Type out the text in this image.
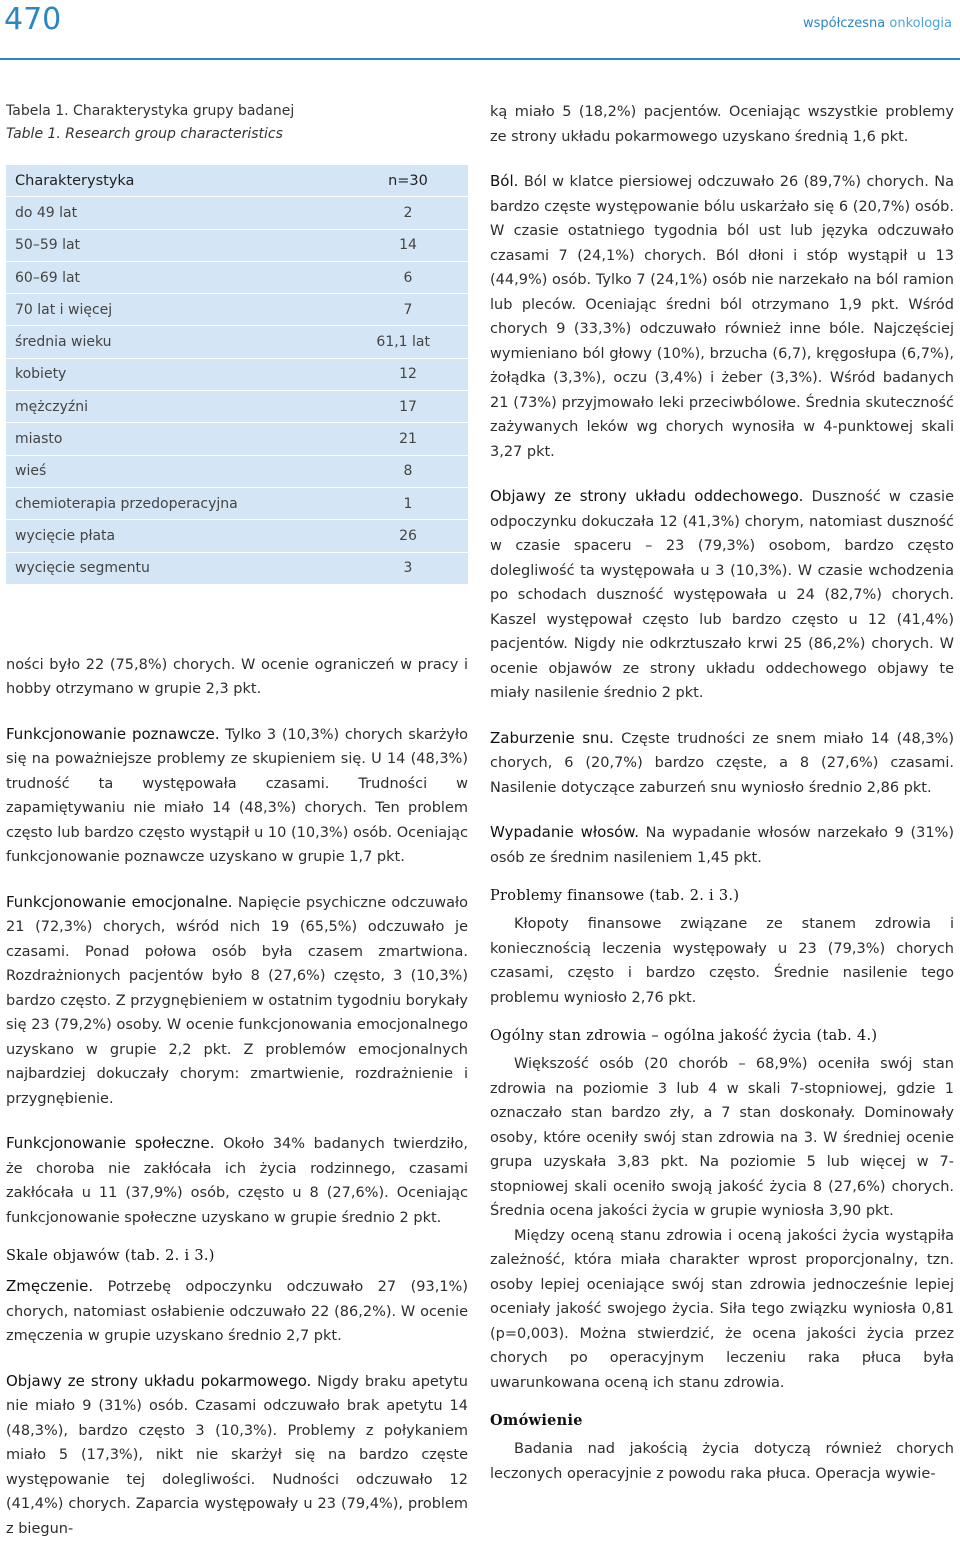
470	współczesna onkologia
Tabela 1. Charakterystyka grupy badanej
Table 1. Research group characteristics
Charakterystyka	n=30
do 49 lat	2
50–59 lat	14
60–69 lat	6
70 lat i więcej	7
średnia wieku	61,1 lat
kobiety	12
mężczyźni	17
miasto	21
wieś	8
chemioterapia przedoperacyjna	1
wycięcie płata	26
wycięcie segmentu	3

ności było 22 (75,8%) chorych. W ocenie ograniczeń w pracy i hobby otrzymano w grupie 2,3 pkt.

Funkcjonowanie poznawcze. Tylko 3 (10,3%) chorych skarżyło się na poważniejsze problemy ze skupieniem się. U 14 (48,3%) trudność ta występowała czasami. Trudności w zapamiętywaniu nie miało 14 (48,3%) chorych. Ten problem często lub bardzo często wystąpił u 10 (10,3%) osób. Oceniając funkcjonowanie poznawcze uzyskano w grupie 1,7 pkt.

Funkcjonowanie emocjonalne. Napięcie psychiczne odczuwało 21 (72,3%) chorych, wśród nich 19 (65,5%) odczuwało je czasami. Ponad połowa osób była czasem zmartwiona. Rozdrażnionych pacjentów było 8 (27,6%) często, 3 (10,3%) bardzo często. Z przygnębieniem w ostatnim tygodniu borykały się 23 (79,2%) osoby. W ocenie funkcjonowania emocjonalnego uzyskano w grupie 2,2 pkt. Z problemów emocjonalnych najbardziej dokuczały chorym: zmartwienie, rozdrażnienie i przygnębienie.

Funkcjonowanie społeczne. Około 34% badanych twierdziło, że choroba nie zakłócała ich życia rodzinnego, czasami zakłócała u 11 (37,9%) osób, często u 8 (27,6%). Oceniając funkcjonowanie społeczne uzyskano w grupie średnio 2 pkt.

Skale objawów (tab. 2. i 3.)

Zmęczenie. Potrzebę odpoczynku odczuwało 27 (93,1%) chorych, natomiast osłabienie odczuwało 22 (86,2%). W ocenie zmęczenia w grupie uzyskano średnio 2,7 pkt.

Objawy ze strony układu pokarmowego. Nigdy braku apetytu nie miało 9 (31%) osób. Czasami odczuwało brak apetytu 14 (48,3%), bardzo często 3 (10,3%). Problemy z połykaniem miało 5 (17,3%), nikt nie skarżył się na bardzo częste występowanie tej dolegliwości. Nudności odczuwało 12 (41,4%) chorych. Zaparcia występowały u 23 (79,4%), problem z biegun-

ką miało 5 (18,2%) pacjentów. Oceniając wszystkie problemy ze strony układu pokarmowego uzyskano średnią 1,6 pkt.

Ból. Ból w klatce piersiowej odczuwało 26 (89,7%) chorych. Na bardzo częste występowanie bólu uskarżało się 6 (20,7%) osób. W czasie ostatniego tygodnia ból ust lub języka odczuwało czasami 7 (24,1%) chorych. Ból dłoni i stóp wystąpił u 13 (44,9%) osób. Tylko 7 (24,1%) osób nie narzekało na ból ramion lub pleców. Oceniając średni ból otrzymano 1,9 pkt. Wśród chorych 9 (33,3%) odczuwało również inne bóle. Najczęściej wymieniano ból głowy (10%), brzucha (6,7), kręgosłupa (6,7%), żołądka (3,3%), oczu (3,4%) i żeber (3,3%). Wśród badanych 21 (73%) przyjmowało leki przeciwbólowe. Średnia skuteczność zażywanych leków wg chorych wynosiła w 4-punktowej skali 3,27 pkt.

Objawy ze strony układu oddechowego. Duszność w czasie odpoczynku dokuczała 12 (41,3%) chorym, natomiast duszność w czasie spaceru – 23 (79,3%) osobom, bardzo często dolegliwość ta występowała u 3 (10,3%). W czasie wchodzenia po schodach duszność występowała u 24 (82,7%) chorych. Kaszel występował często lub bardzo często u 12 (41,4%) pacjentów. Nigdy nie odkrztuszało krwi 25 (86,2%) chorych. W ocenie objawów ze strony układu oddechowego objawy te miały nasilenie średnio 2 pkt.

Zaburzenie snu. Częste trudności ze snem miało 14 (48,3%) chorych, 6 (20,7%) bardzo częste, a 8 (27,6%) czasami. Nasilenie dotyczące zaburzeń snu wyniosło średnio 2,86 pkt.

Wypadanie włosów. Na wypadanie włosów narzekało 9 (31%) osób ze średnim nasileniem 1,45 pkt.

Problemy finansowe (tab. 2. i 3.)

Kłopoty finansowe związane ze stanem zdrowia i koniecznością leczenia występowały u 23 (79,3%) chorych czasami, często i bardzo często. Średnie nasilenie tego problemu wyniosło 2,76 pkt.

Ogólny stan zdrowia – ogólna jakość życia (tab. 4.)

Większość osób (20 chorób – 68,9%) oceniła swój stan zdrowia na poziomie 3 lub 4 w skali 7-stopniowej, gdzie 1 oznaczało stan bardzo zły, a 7 stan doskonały. Dominowały osoby, które oceniły swój stan zdrowia na 3. W średniej ocenie grupa uzyskała 3,83 pkt. Na poziomie 5 lub więcej w 7-stopniowej skali oceniło swoją jakość życia 8 (27,6%) chorych. Średnia ocena jakości życia w grupie wyniosła 3,90 pkt.

Między oceną stanu zdrowia i oceną jakości życia wystąpiła zależność, która miała charakter wprost proporcjonalny, tzn. osoby lepiej oceniające swój stan zdrowia jednocześnie lepiej oceniały jakość swojego życia. Siła tego związku wyniosła 0,81 (p=0,003). Można stwierdzić, że ocena jakości życia przez chorych po operacyjnym leczeniu raka płuca była uwarunkowana oceną ich stanu zdrowia.

Omówienie

Badania nad jakością życia dotyczą również chorych leczonych operacyjnie z powodu raka płuca. Operacja wywie-
